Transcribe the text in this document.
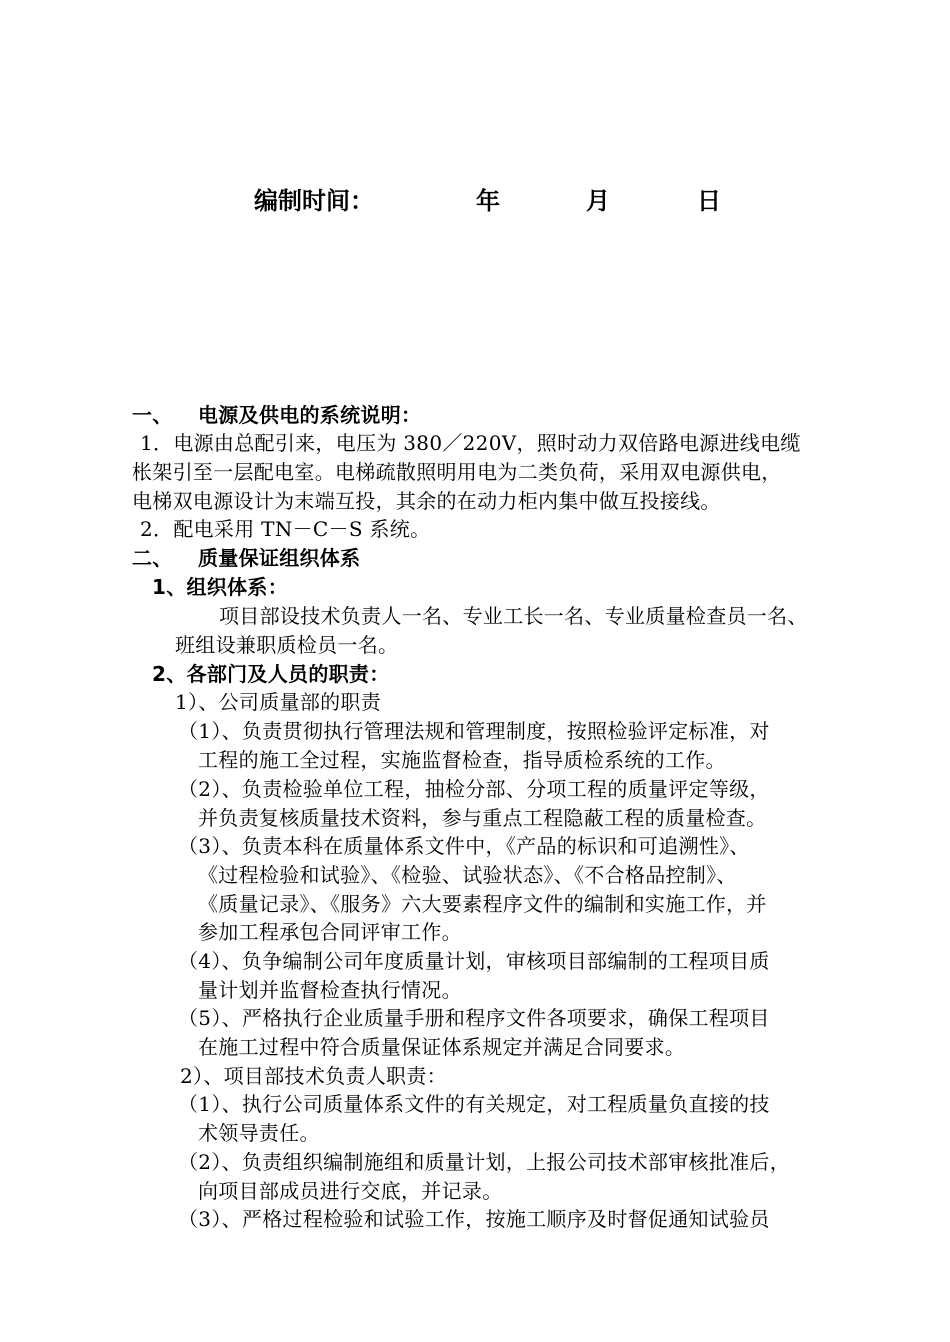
编制时间：	年	月	日
一、 电源及供电的系统说明：
1．电源由总配引来，电压为 380／220V，照时动力双倍路电源进线电缆
枨架引至一层配电室。电梯疏散照明用电为二类负荷，采用双电源供电，
电梯双电源设计为末端互投，其余的在动力柜内集中做互投接线。
2．配电采用 TN－C－S 系统。
二、 质量保证组织体系
1、组织体系：
项目部设技术负责人一名、专业工长一名、专业质量检查员一名、
班组设兼职质检员一名。
2、各部门及人员的职责：
1）、公司质量部的职责
（1）、负责贯彻执行管理法规和管理制度，按照检验评定标准，对
工程的施工全过程，实施监督检查，指导质检系统的工作。
（2）、负责检验单位工程，抽检分部、分项工程的质量评定等级，
并负责复核质量技术资料，参与重点工程隐蔽工程的质量检查。
（3）、负责本科在质量体系文件中，《产品的标识和可追溯性》、
《过程检验和试验》、《检验、试验状态》、《不合格品控制》、
《质量记录》、《服务》六大要素程序文件的编制和实施工作，并
参加工程承包合同评审工作。
（4）、负争编制公司年度质量计划，审核项目部编制的工程项目质
量计划并监督检查执行情况。
（5）、严格执行企业质量手册和程序文件各项要求，确保工程项目
在施工过程中符合质量保证体系规定并满足合同要求。
2）、项目部技术负责人职责：
（1）、执行公司质量体系文件的有关规定，对工程质量负直接的技
术领导责任。
（2）、负责组织编制施组和质量计划，上报公司技术部审核批准后，
向项目部成员进行交底，并记录。
（3）、严格过程检验和试验工作，按施工顺序及时督促通知试验员
